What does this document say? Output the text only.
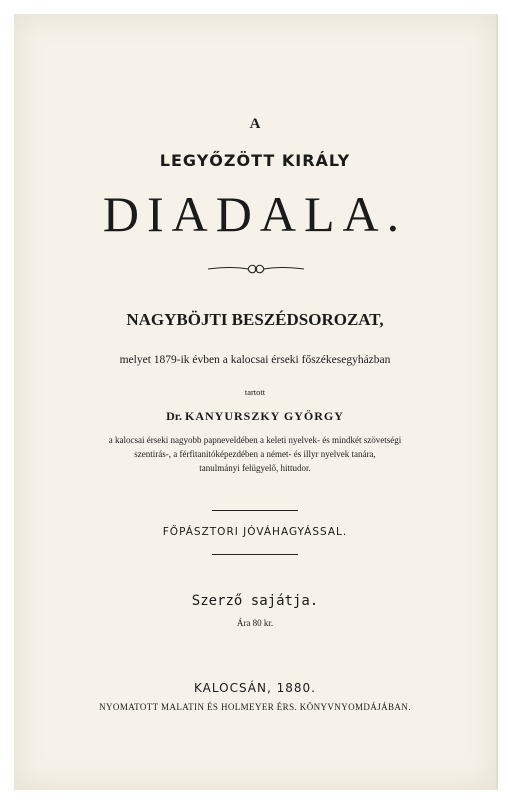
A
LEGYŐZÖTT KIRÁLY
DIADALA.
NAGYBÖJTI BESZÉDSOROZAT,
melyet 1879-ik évben a kalocsai érseki főszékesegyházban
tartott
Dr. KANYURSZKY GYÖRGY
a kalocsai érseki nagyobb papneveldében a keleti nyelvek- és mindkét szövetségi
szentirás-, a férfitanitóképezdében a német- és illyr nyelvek tanára,
tanulmányi felügyelő, hittudor.
FŐPÁSZTORI JÓVÁHAGYÁSSAL.
Szerző sajátja.
Ára 80 kr.
KALOCSÁN, 1880.
NYOMATOTT MALATIN ÉS HOLMEYER ÉRS. KÖNYVNYOMDÁJÁBAN.
